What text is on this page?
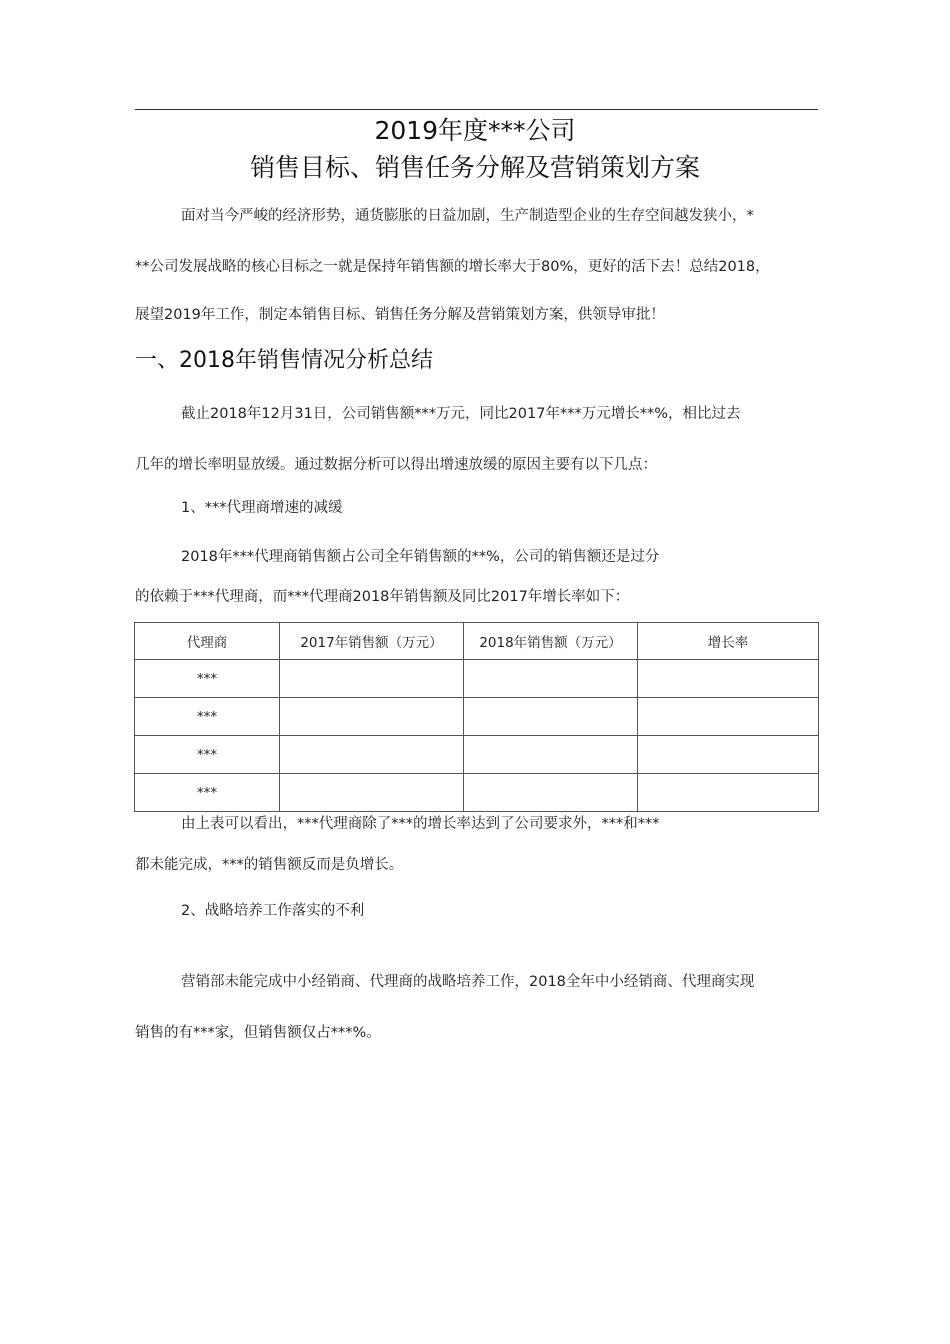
2019年度***公司
销售目标、销售任务分解及营销策划方案
面对当今严峻的经济形势，通货膨胀的日益加剧，生产制造型企业的生存空间越发狭小，*
**公司发展战略的核心目标之一就是保持年销售额的增长率大于80%，更好的活下去！总结2018，
展望2019年工作，制定本销售目标、销售任务分解及营销策划方案，供领导审批！
一、2018年销售情况分析总结
截止2018年12月31日，公司销售额***万元，同比2017年***万元增长**%，相比过去
几年的增长率明显放缓。通过数据分析可以得出增速放缓的原因主要有以下几点：
1、***代理商增速的减缓
2018年***代理商销售额占公司全年销售额的**%，公司的销售额还是过分
的依赖于***代理商，而***代理商2018年销售额及同比2017年增长率如下：
代理商	2017年销售额（万元）	2018年销售额（万元）	增长率
***			
***			
***			
***			
由上表可以看出，***代理商除了***的增长率达到了公司要求外，***和***
都未能完成，***的销售额反而是负增长。
2、战略培养工作落实的不利
营销部未能完成中小经销商、代理商的战略培养工作，2018全年中小经销商、代理商实现
销售的有***家，但销售额仅占***%。
